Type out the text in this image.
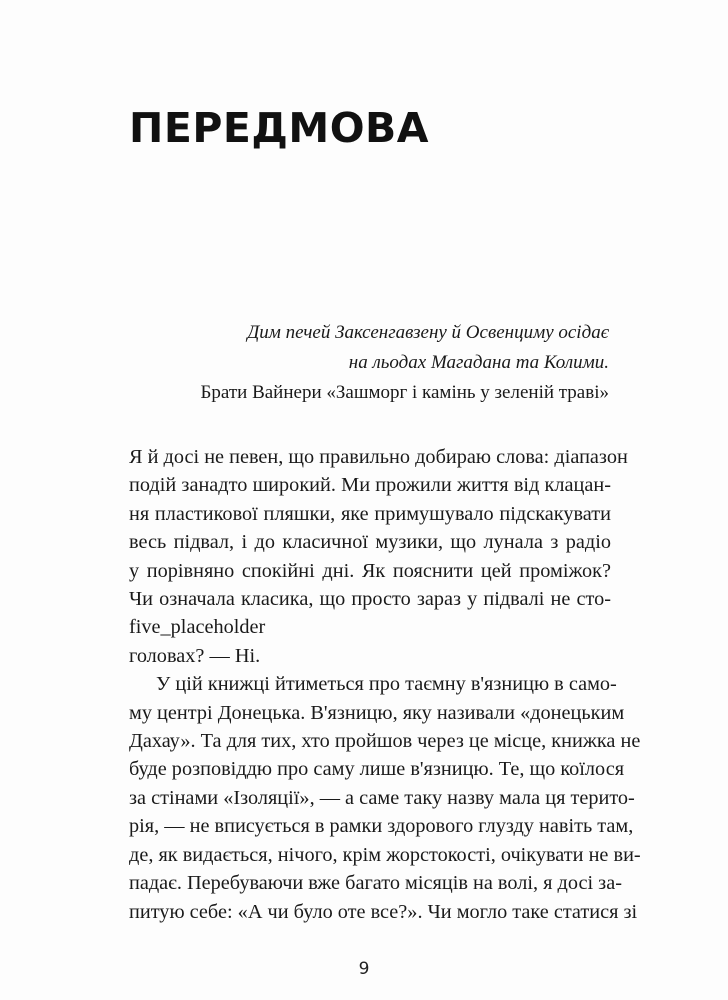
ПЕРЕДМОВА
Дим печей Заксенгавзену й Освенциму осідає
на льодах Магадана та Колими.
Брати Вайнери «Зашморг і камінь у зеленій траві»

Я й досі не певен, що правильно добираю слова: діапазон
подій занадто широкий. Ми прожили життя від клацан-
ня пластикової пляшки, яке примушувало підскакувати
весь підвал, і до класичної музики, що лунала з радіо
у порівняно спокійні дні. Як пояснити цей проміжок?
Чи означала класика, що просто зараз у підвалі не сто-
five_placeholder
головах? — Ні.

У цій книжці йтиметься про таємну в'язницю в само-
му центрі Донецька. В'язницю, яку називали «донецьким
Дахау». Та для тих, хто пройшов через це місце, книжка не
буде розповіддю про саму лише в'язницю. Те, що коїлося
за стінами «Ізоляції», — а саме таку назву мала ця терито-
рія, — не вписується в рамки здорового глузду навіть там,
де, як видається, нічого, крім жорстокості, очікувати не ви-
падає. Перебуваючи вже багато місяців на волі, я досі за-
питую себе: «А чи було оте все?». Чи могло таке статися зі

9
